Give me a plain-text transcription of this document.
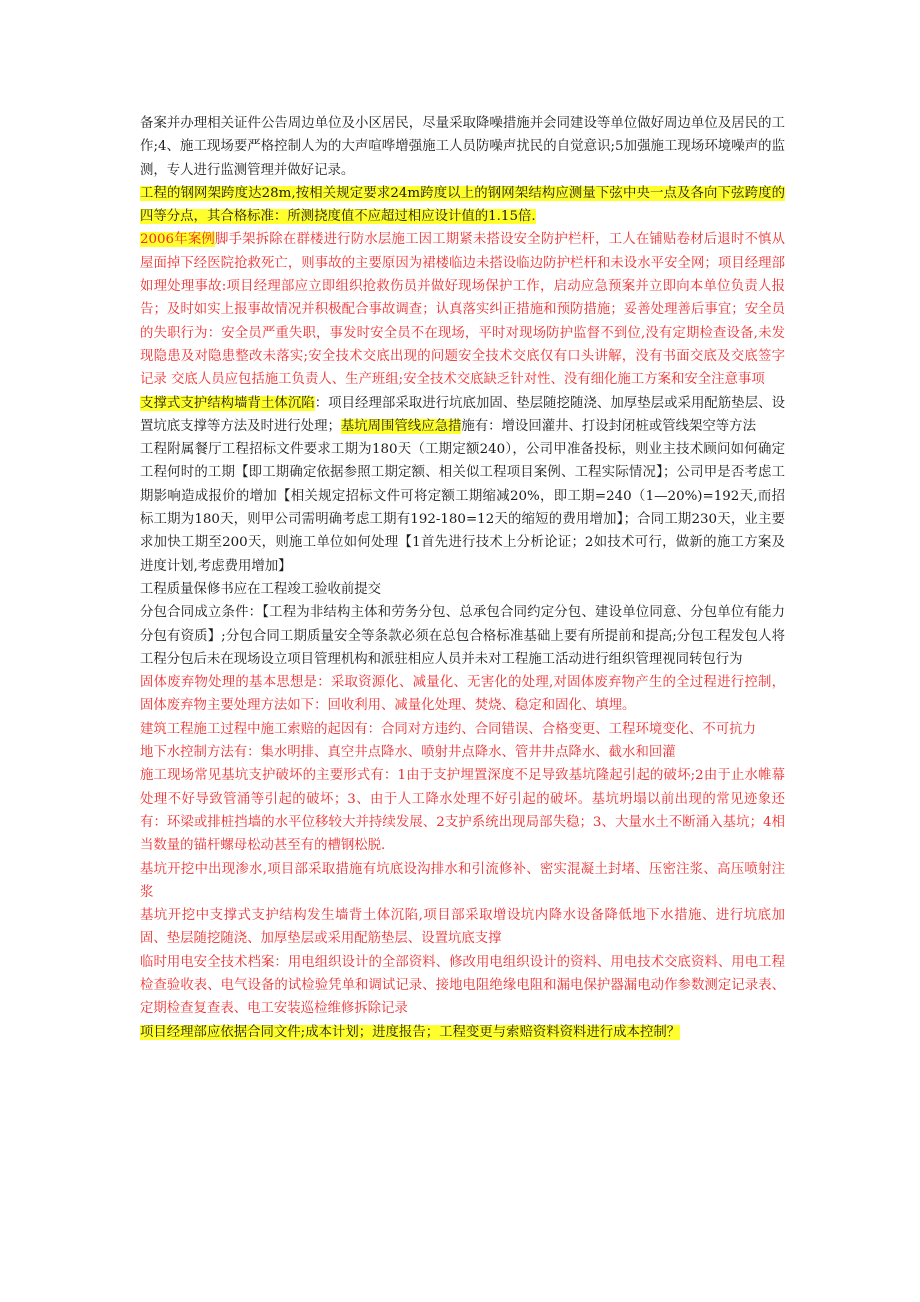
备案并办理相关证件公告周边单位及小区居民，尽量采取降噪措施并会同建设等单位做好周边单位及居民的工作;4、施工现场要严格控制人为的大声喧哗增强施工人员防噪声扰民的自觉意识;5加强施工现场环境噪声的监测，专人进行监测管理并做好记录。

工程的钢网架跨度达28m,按相关规定要求24m跨度以上的钢网架结构应测量下弦中央一点及各向下弦跨度的四等分点，其合格标准：所测挠度值不应超过相应设计值的1.15倍.

2006年案例脚手架拆除在群楼进行防水层施工因工期紧未搭设安全防护栏杆，工人在铺贴卷材后退时不慎从屋面掉下经医院抢救死亡，则事故的主要原因为裙楼临边未搭设临边防护栏杆和未设水平安全网；项目经理部如理处理事故:项目经理部应立即组织抢救伤员并做好现场保护工作，启动应急预案并立即向本单位负责人报告；及时如实上报事故情况并积极配合事故调查；认真落实纠正措施和预防措施；妥善处理善后事宜；安全员的失职行为：安全员严重失职，事发时安全员不在现场，平时对现场防护监督不到位,没有定期检查设备,未发现隐患及对隐患整改未落实;安全技术交底出现的问题安全技术交底仅有口头讲解，没有书面交底及交底签字记录 交底人员应包括施工负责人、生产班组;安全技术交底缺乏针对性、没有细化施工方案和安全注意事项

支撑式支护结构墙背土体沉陷：项目经理部采取进行坑底加固、垫层随挖随浇、加厚垫层或采用配筋垫层、设置坑底支撑等方法及时进行处理；基坑周围管线应急措施有：增设回灌井、打设封闭桩或管线架空等方法

工程附属餐厅工程招标文件要求工期为180天（工期定额240），公司甲准备投标，则业主技术顾问如何确定工程何时的工期【即工期确定依据参照工期定额、相关似工程项目案例、工程实际情况】；公司甲是否考虑工期影响造成报价的增加【相关规定招标文件可将定额工期缩减20%，即工期=240（1—20%)=192天,而招标工期为180天，则甲公司需明确考虑工期有192-180=12天的缩短的费用增加】；合同工期230天，业主要求加快工期至200天，则施工单位如何处理【1首先进行技术上分析论证；2如技术可行，做新的施工方案及进度计划,考虑费用增加】

工程质量保修书应在工程竣工验收前提交

分包合同成立条件：【工程为非结构主体和劳务分包、总承包合同约定分包、建设单位同意、分包单位有能力分包有资质】;分包合同工期质量安全等条款必须在总包合格标准基础上要有所提前和提高;分包工程发包人将工程分包后未在现场设立项目管理机构和派驻相应人员并未对工程施工活动进行组织管理视同转包行为

固体废弃物处理的基本思想是：采取资源化、减量化、无害化的处理,对固体废弃物产生的全过程进行控制，固体废弃物主要处理方法如下：回收利用、减量化处理、焚烧、稳定和固化、填埋。

建筑工程施工过程中施工索赔的起因有：合同对方违约、合同错误、合格变更、工程环境变化、不可抗力

地下水控制方法有：集水明排、真空井点降水、喷射井点降水、管井井点降水、截水和回灌

施工现场常见基坑支护破坏的主要形式有：1由于支护埋置深度不足导致基坑隆起引起的破坏;2由于止水帷幕处理不好导致管涌等引起的破坏；3、由于人工降水处理不好引起的破坏。基坑坍塌以前出现的常见迹象还有：环梁或排桩挡墙的水平位移较大并持续发展、2支护系统出现局部失稳；3、大量水土不断涌入基坑；4相当数量的锚杆螺母松动甚至有的槽钢松脱.

基坑开挖中出现渗水,项目部采取措施有坑底设沟排水和引流修补、密实混凝土封堵、压密注浆、高压喷射注浆

基坑开挖中支撑式支护结构发生墙背土体沉陷,项目部采取增设坑内降水设备降低地下水措施、进行坑底加固、垫层随挖随浇、加厚垫层或采用配筋垫层、设置坑底支撑

临时用电安全技术档案：用电组织设计的全部资料、修改用电组织设计的资料、用电技术交底资料、用电工程检查验收表、电气设备的试检验凭单和调试记录、接地电阻绝缘电阻和漏电保护器漏电动作参数测定记录表、定期检查复查表、电工安装巡检维修拆除记录

项目经理部应依据合同文件;成本计划；进度报告；工程变更与索赔资料资料进行成本控制？
